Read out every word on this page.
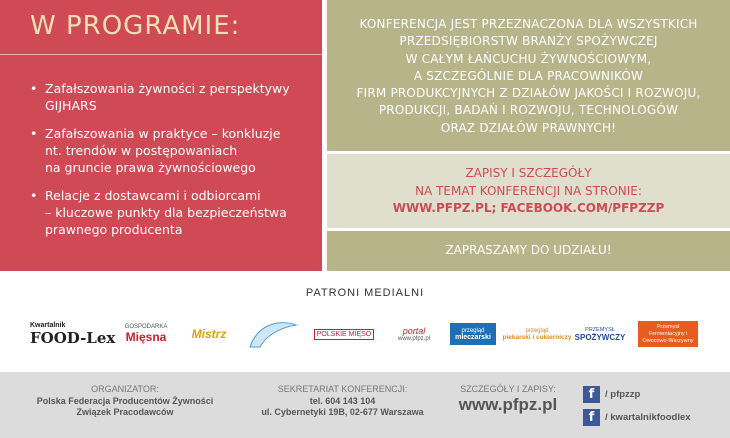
W PROGRAMIE:
• Zafałszowania żywności z perspektywy
GIJHARS
• Zafałszowania w praktyce – konkluzje
nt. trendów w postępowaniach
na gruncie prawa żywnościowego
• Relacje z dostawcami i odbiorcami
– kluczowe punkty dla bezpieczeństwa
prawnego producenta
KONFERENCJA JEST PRZEZNACZONA DLA WSZYSTKICH
PRZEDSIĘBIORSTW BRANŻY SPOŻYWCZEJ
W CAŁYM ŁAŃCUCHU ŻYWNOŚCIOWYM,
A SZCZEGÓLNIE DLA PRACOWNIKÓW
FIRM PRODUKCYJNYCH Z DZIAŁÓW JAKOŚCI I ROZWOJU,
PRODUKCJI, BADAŃ I ROZWOJU, TECHNOLOGÓW
ORAZ DZIAŁÓW PRAWNYCH!
ZAPISY I SZCZEGÓŁY
NA TEMAT KONFERENCJI NA STRONIE:
WWW.PFPZ.PL; FACEBOOK.COM/PFPZZP
ZAPRASZAMY DO UDZIAŁU!
PATRONI MEDIALNI
Kwartalnik
FOOD-Lex
GOSPODARKA
Mięsna Mistrz	POLSKIE MIĘSO	portal
www.pfpz.pl
przegląd
mleczarski
przegląd
piekarski i cukierniczy
PRZEMYSŁ
SPOŻYWCZY
Przemysł
Fermentacyjny i Owocowo-Warzywny
ORGANIZATOR:
Polska Federacja Producentów Żywności
Związek Pracodawców
SEKRETARIAT KONFERENCJI:
tel. 604 143 104
ul. Cybernetyki 19B, 02-677 Warszawa
SZCZEGÓŁY I ZAPISY:
www.pfpz.pl	f	/ pfpzzp
f	/ kwartalnikfoodlex
